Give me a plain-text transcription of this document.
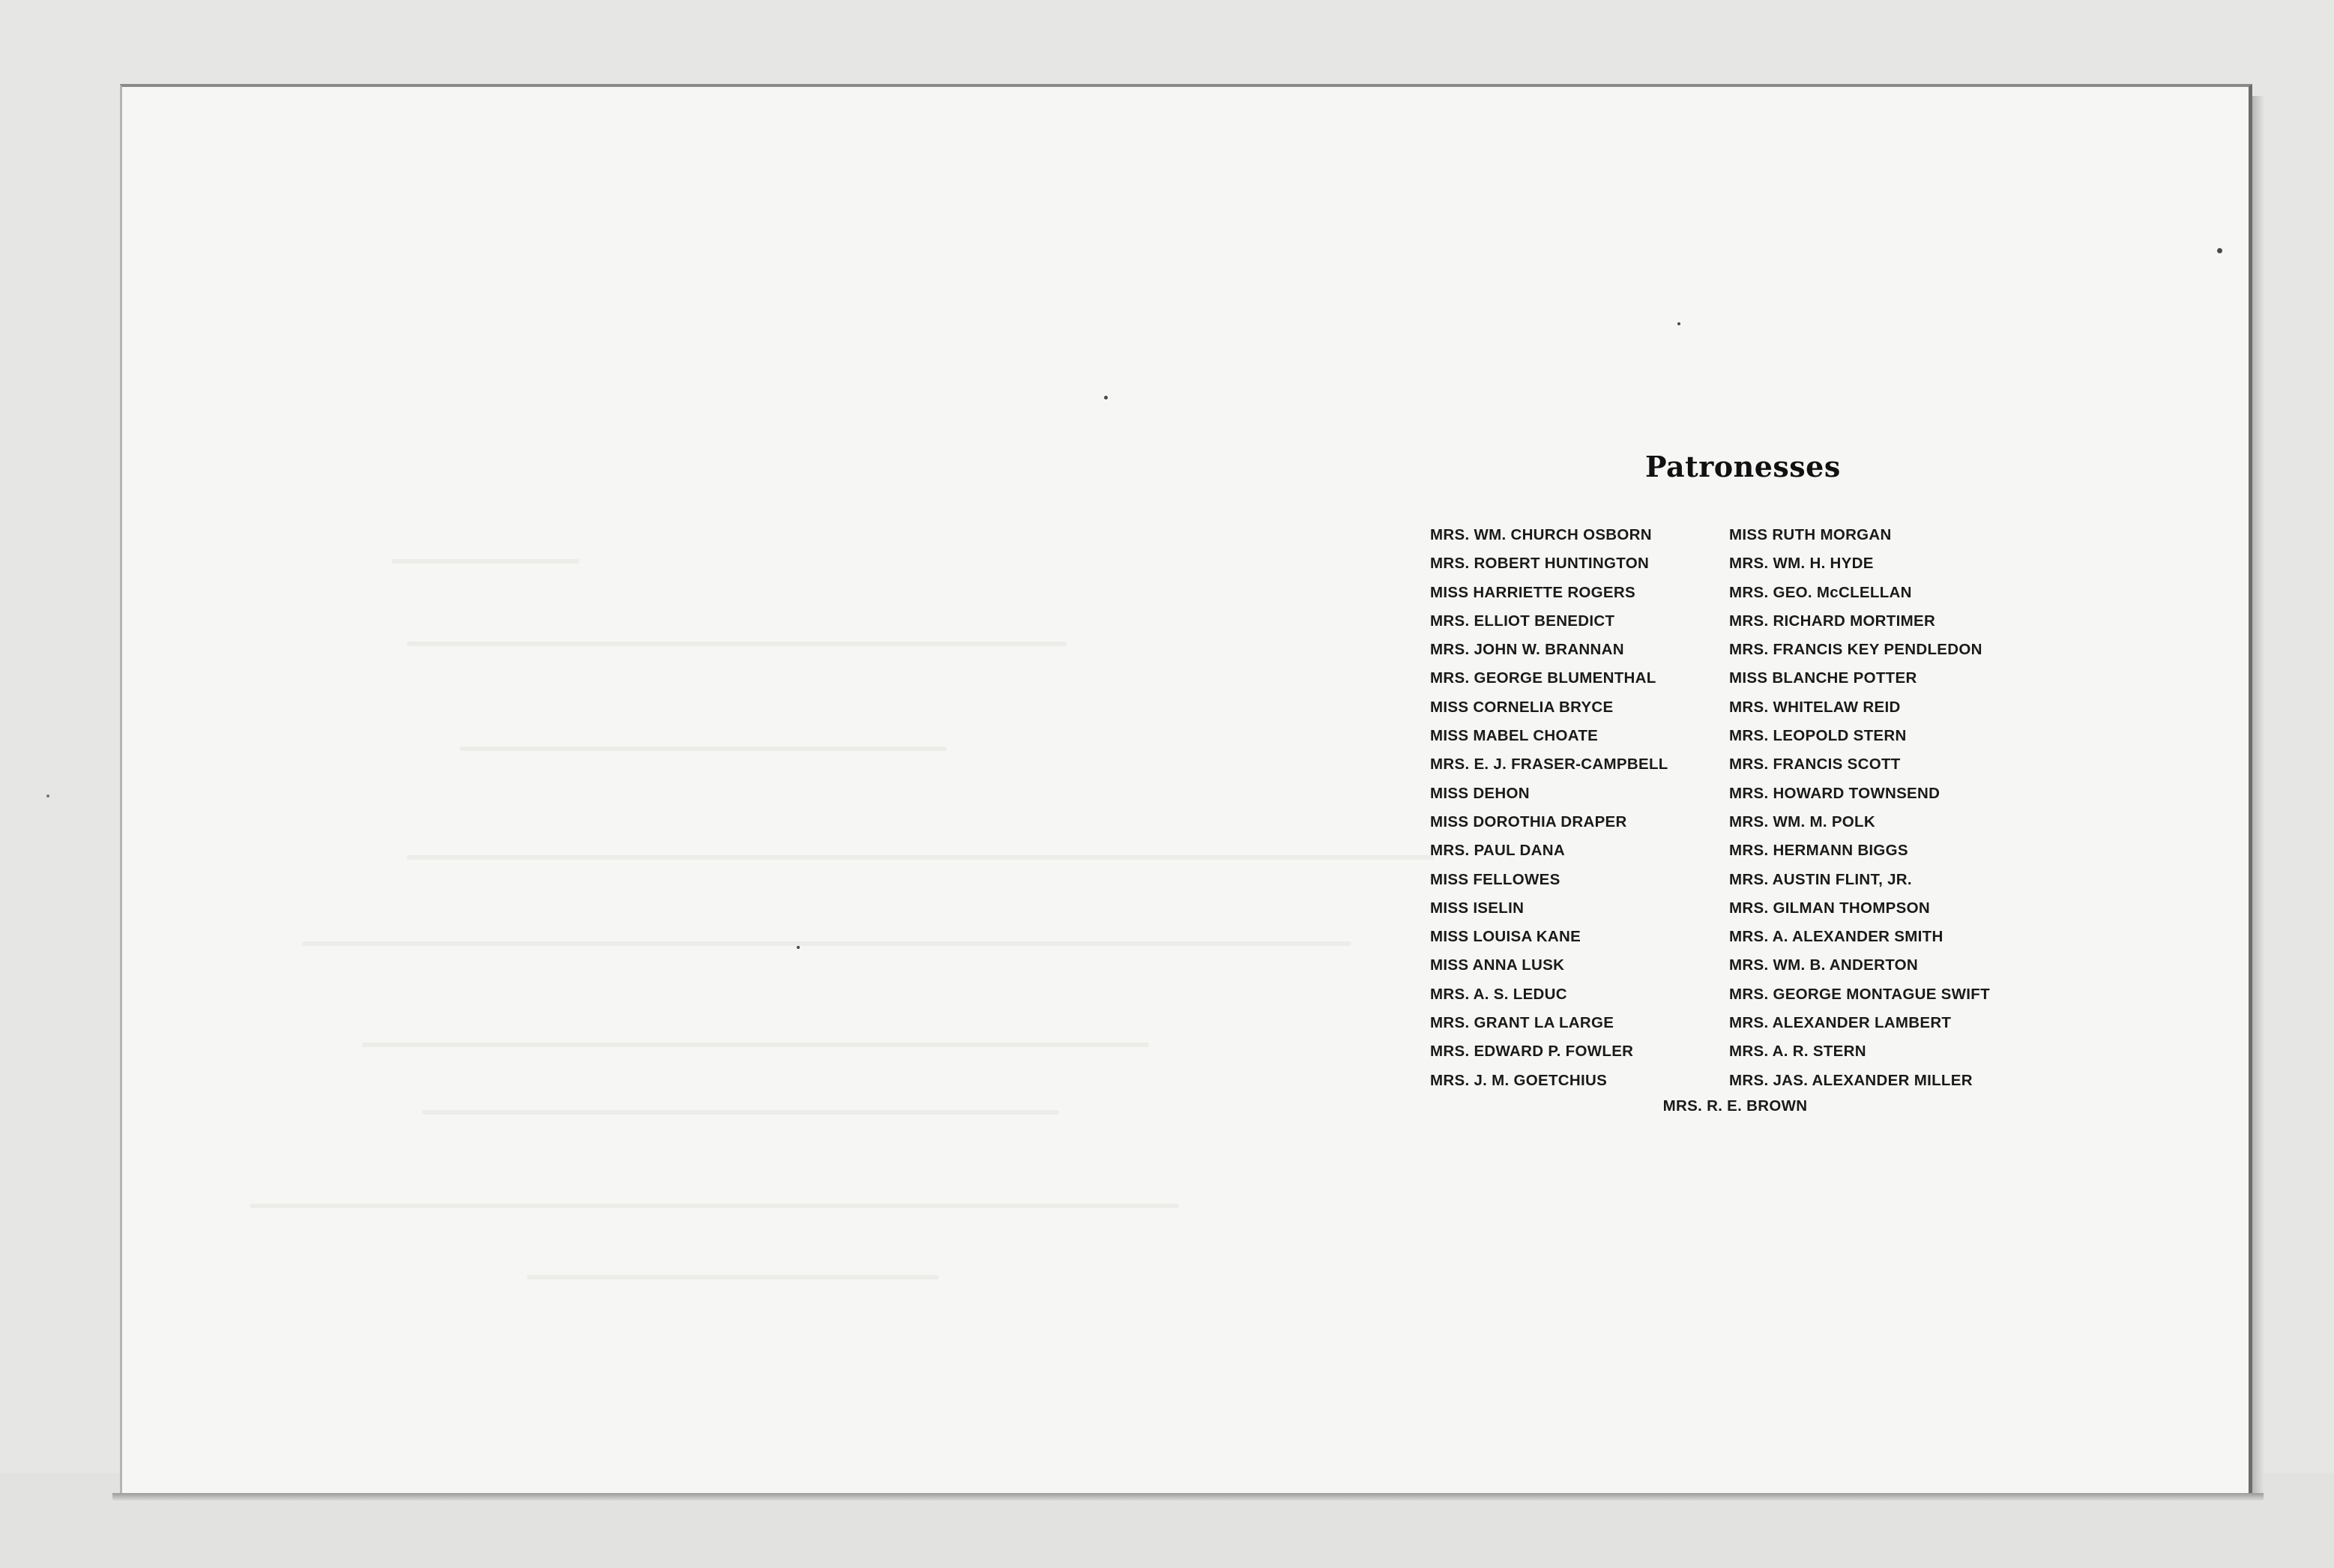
Patronesses
MRS. WM. CHURCH OSBORN
MRS. ROBERT HUNTINGTON
MISS HARRIETTE ROGERS
MRS. ELLIOT BENEDICT
MRS. JOHN W. BRANNAN
MRS. GEORGE BLUMENTHAL
MISS CORNELIA BRYCE
MISS MABEL CHOATE
MRS. E. J. FRASER-CAMPBELL
MISS DEHON
MISS DOROTHIA DRAPER
MRS. PAUL DANA
MISS FELLOWES
MISS ISELIN
MISS LOUISA KANE
MISS ANNA LUSK
MRS. A. S. LEDUC
MRS. GRANT LA LARGE
MRS. EDWARD P. FOWLER
MRS. J. M. GOETCHIUS
MISS RUTH MORGAN
MRS. WM. H. HYDE
MRS. GEO. McCLELLAN
MRS. RICHARD MORTIMER
MRS. FRANCIS KEY PENDLEDON
MISS BLANCHE POTTER
MRS. WHITELAW REID
MRS. LEOPOLD STERN
MRS. FRANCIS SCOTT
MRS. HOWARD TOWNSEND
MRS. WM. M. POLK
MRS. HERMANN BIGGS
MRS. AUSTIN FLINT, JR.
MRS. GILMAN THOMPSON
MRS. A. ALEXANDER SMITH
MRS. WM. B. ANDERTON
MRS. GEORGE MONTAGUE SWIFT
MRS. ALEXANDER LAMBERT
MRS. A. R. STERN
MRS. JAS. ALEXANDER MILLER
MRS. R. E. BROWN
